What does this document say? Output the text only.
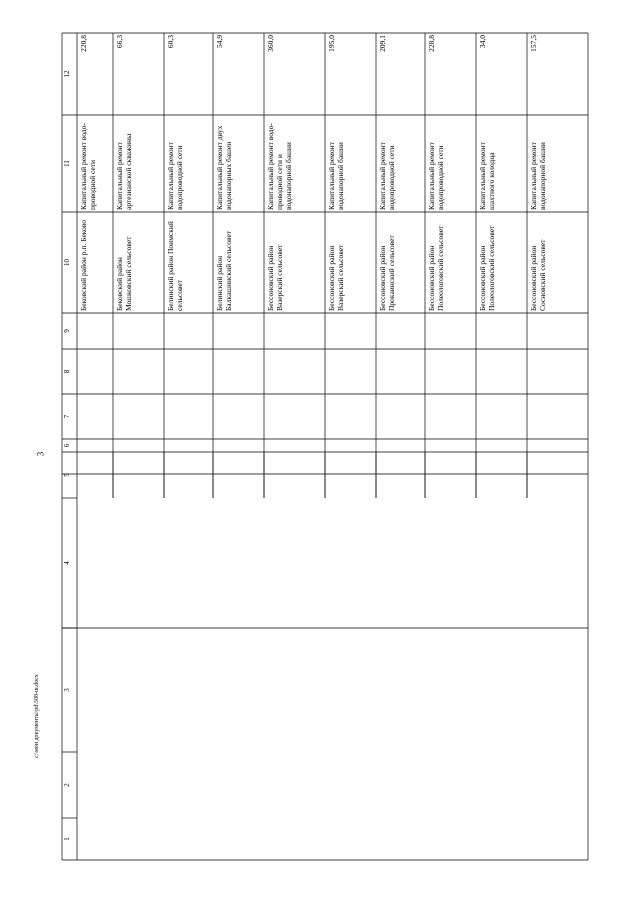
3
1
2
3
4
5
6
7
8
9
10
11
12
220,8
Капитальный ремонт водо-проводной сети
Бековский район р.п. Беково
66,3
Капитальный ремонт артезианской скважины
Бековский район Мошковский сельсовет
60,3
Капитальный ремонт водопроводной сети
Белинский район Поимский сельсовет
54,9
Капитальный ремонт двух водонапорных башен
Белинский район Балкашинский сельсовет
360,0
Капитальный ремонт водо-проводной сети и водонапорной башни
Бессоновский район Вазерский сельсовет
195,0
Капитальный ремонт водонапорной башни
Бессоновский район Вазерский сельсовет
209,1
Капитальный ремонт водопроводной сети
Бессоновский район Прокаинский сельсовет
228,8
Капитальный ремонт водопроводной сети
Бессоновский район Полеологовский сельсовет
34,0
Капитальный ремонт шахтного колодца
Бессоновский район Полеологовский сельсовет
157,5
Капитальный ремонт водонапорной башни
Бессоновский район Сосновский сельсовет
c:\мои документы\pd\508-ш.docx
